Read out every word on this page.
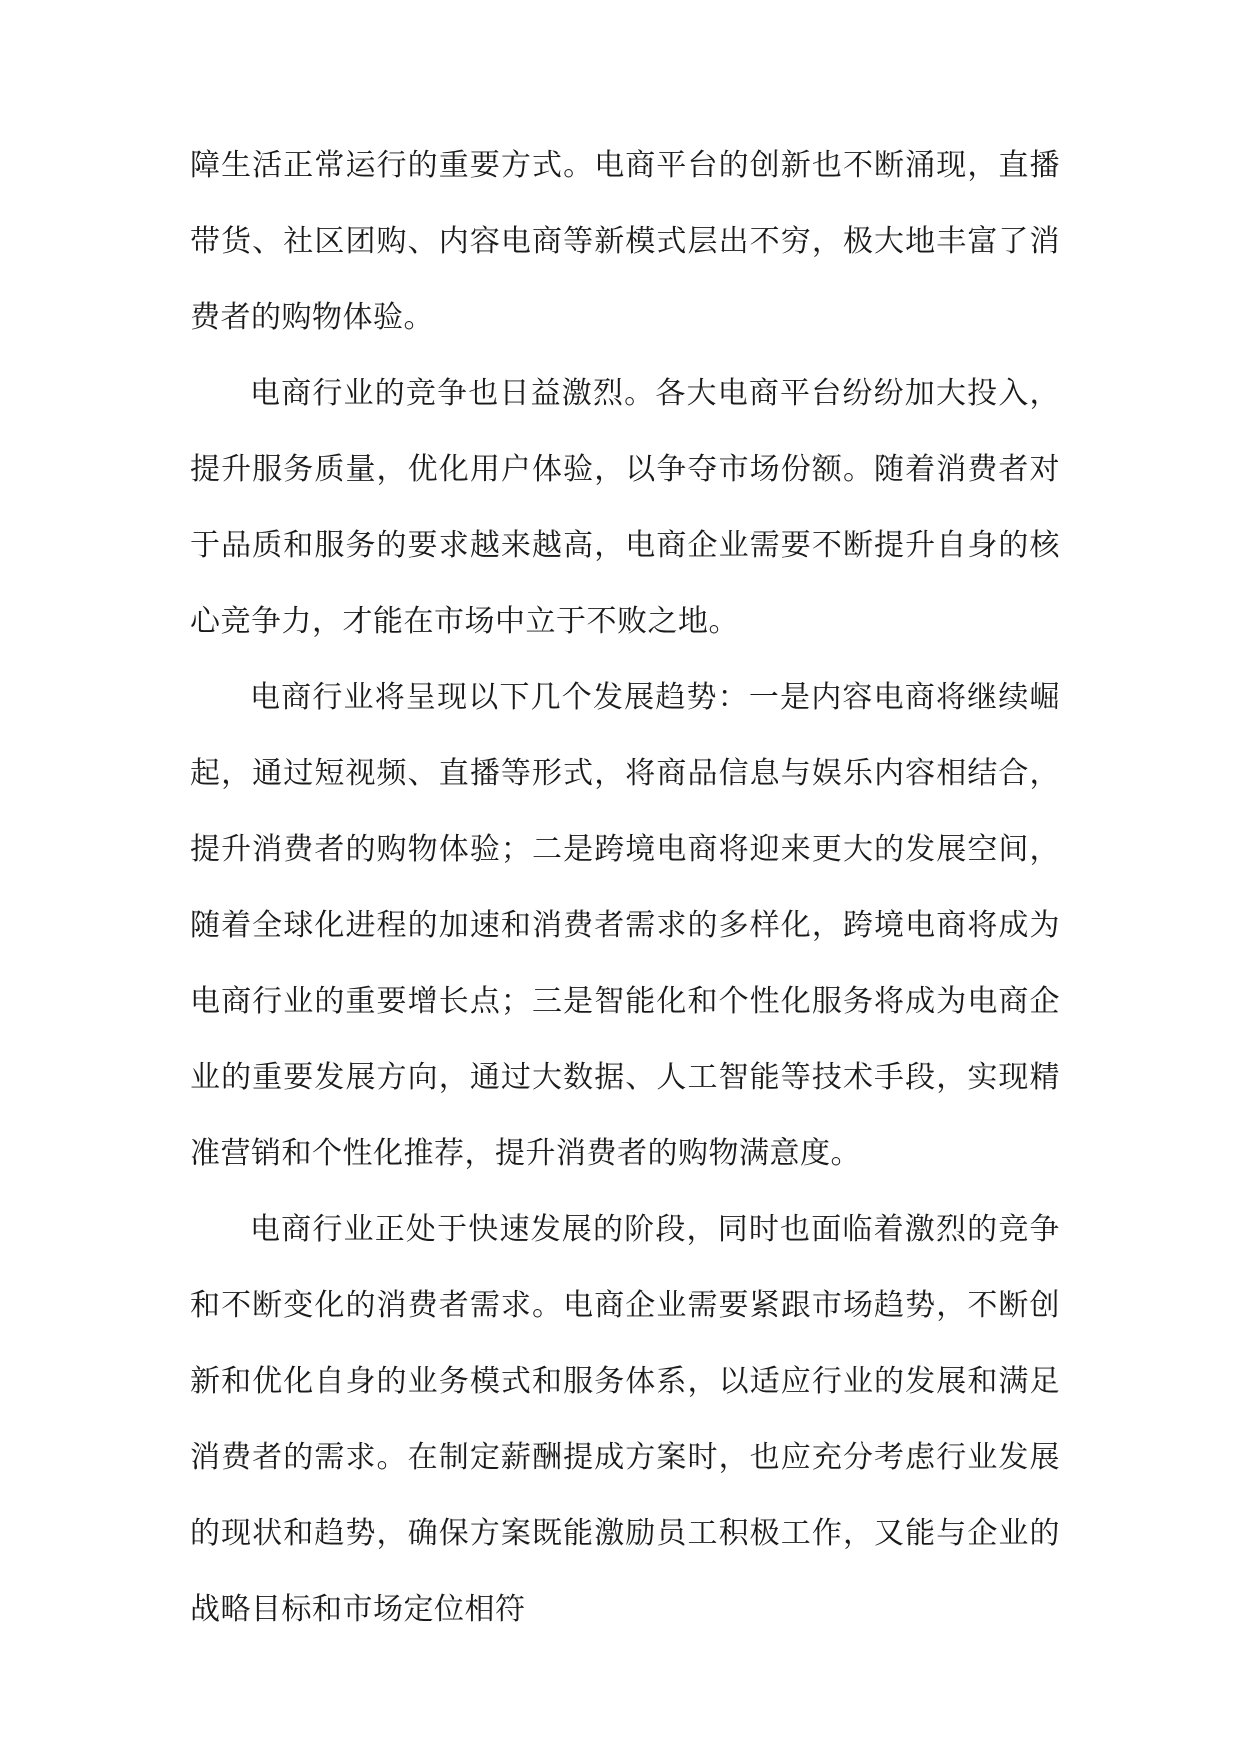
障生活正常运行的重要方式。电商平台的创新也不断涌现，直播带货、社区团购、内容电商等新模式层出不穷，极大地丰富了消费者的购物体验。

电商行业的竞争也日益激烈。各大电商平台纷纷加大投入，提升服务质量，优化用户体验，以争夺市场份额。随着消费者对于品质和服务的要求越来越高，电商企业需要不断提升自身的核心竞争力，才能在市场中立于不败之地。

电商行业将呈现以下几个发展趋势：一是内容电商将继续崛起，通过短视频、直播等形式，将商品信息与娱乐内容相结合，提升消费者的购物体验；二是跨境电商将迎来更大的发展空间，随着全球化进程的加速和消费者需求的多样化，跨境电商将成为电商行业的重要增长点；三是智能化和个性化服务将成为电商企业的重要发展方向，通过大数据、人工智能等技术手段，实现精准营销和个性化推荐，提升消费者的购物满意度。

电商行业正处于快速发展的阶段，同时也面临着激烈的竞争和不断变化的消费者需求。电商企业需要紧跟市场趋势，不断创新和优化自身的业务模式和服务体系，以适应行业的发展和满足消费者的需求。在制定薪酬提成方案时，也应充分考虑行业发展的现状和趋势，确保方案既能激励员工积极工作，又能与企业的战略目标和市场定位相符
